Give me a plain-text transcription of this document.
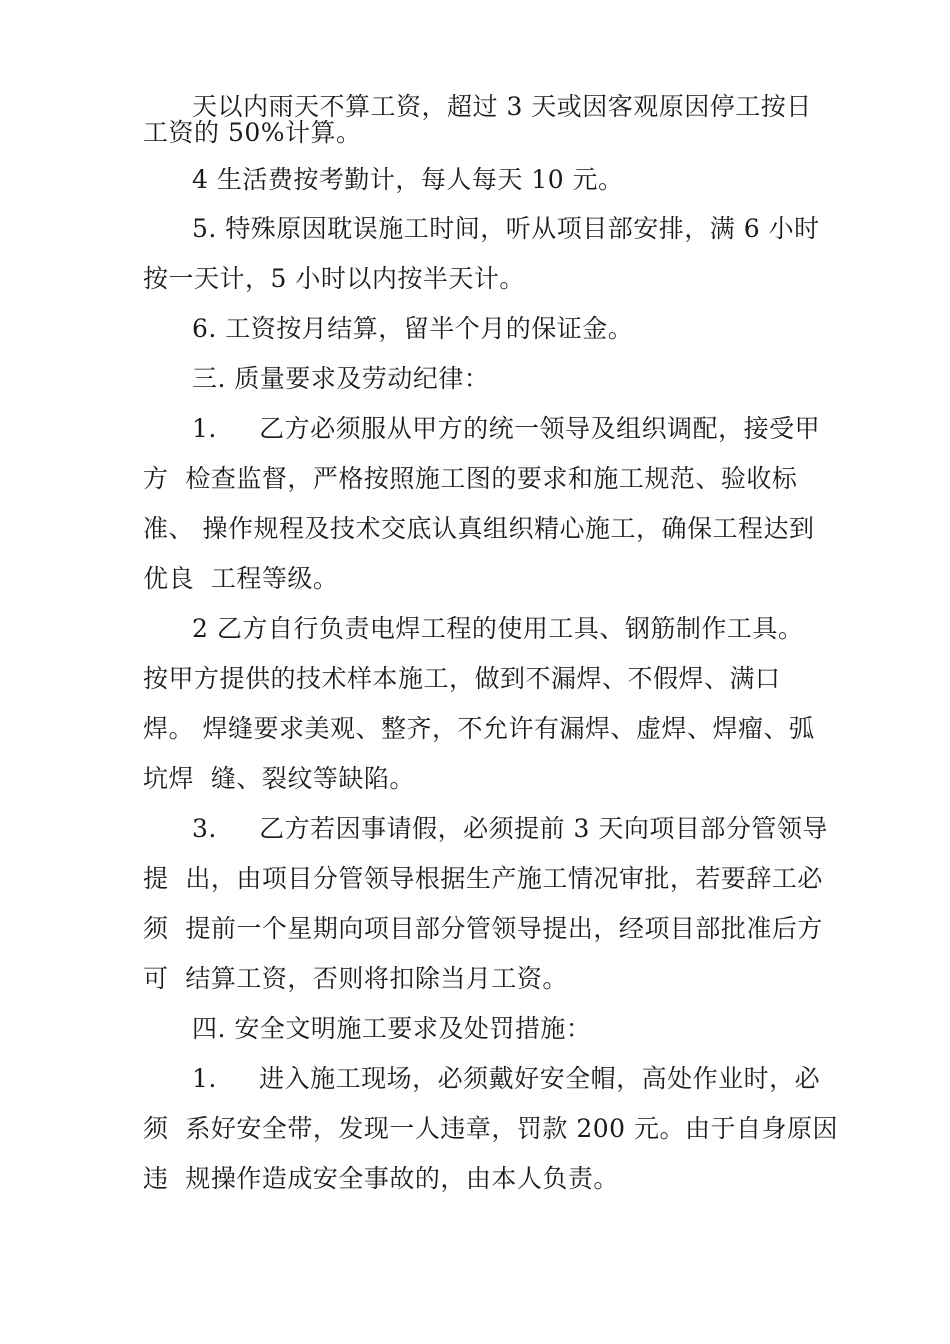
天以内雨天不算工资，超过 3 天或因客观原因停工按日
工资的 50%计算。
4 生活费按考勤计，每人每天 10 元。
5. 特殊原因耽误施工时间，听从项目部安排，满 6 小时
按一天计，5 小时以内按半天计。
6. 工资按月结算，留半个月的保证金。
三. 质量要求及劳动纪律：
1.     乙方必须服从甲方的统一领导及组织调配，接受甲
方  检查监督，严格按照施工图的要求和施工规范、验收标
准、 操作规程及技术交底认真组织精心施工，确保工程达到
优良  工程等级。
2 乙方自行负责电焊工程的使用工具、钢筋制作工具。
按甲方提供的技术样本施工，做到不漏焊、不假焊、满口
焊。 焊缝要求美观、整齐，不允许有漏焊、虚焊、焊瘤、弧
坑焊  缝、裂纹等缺陷。
3.     乙方若因事请假，必须提前 3 天向项目部分管领导
提  出，由项目分管领导根据生产施工情况审批，若要辞工必
须  提前一个星期向项目部分管领导提出，经项目部批准后方
可  结算工资，否则将扣除当月工资。
四. 安全文明施工要求及处罚措施：
1.     进入施工现场，必须戴好安全帽，高处作业时，必
须  系好安全带，发现一人违章，罚款 200 元。由于自身原因
违  规操作造成安全事故的，由本人负责。
